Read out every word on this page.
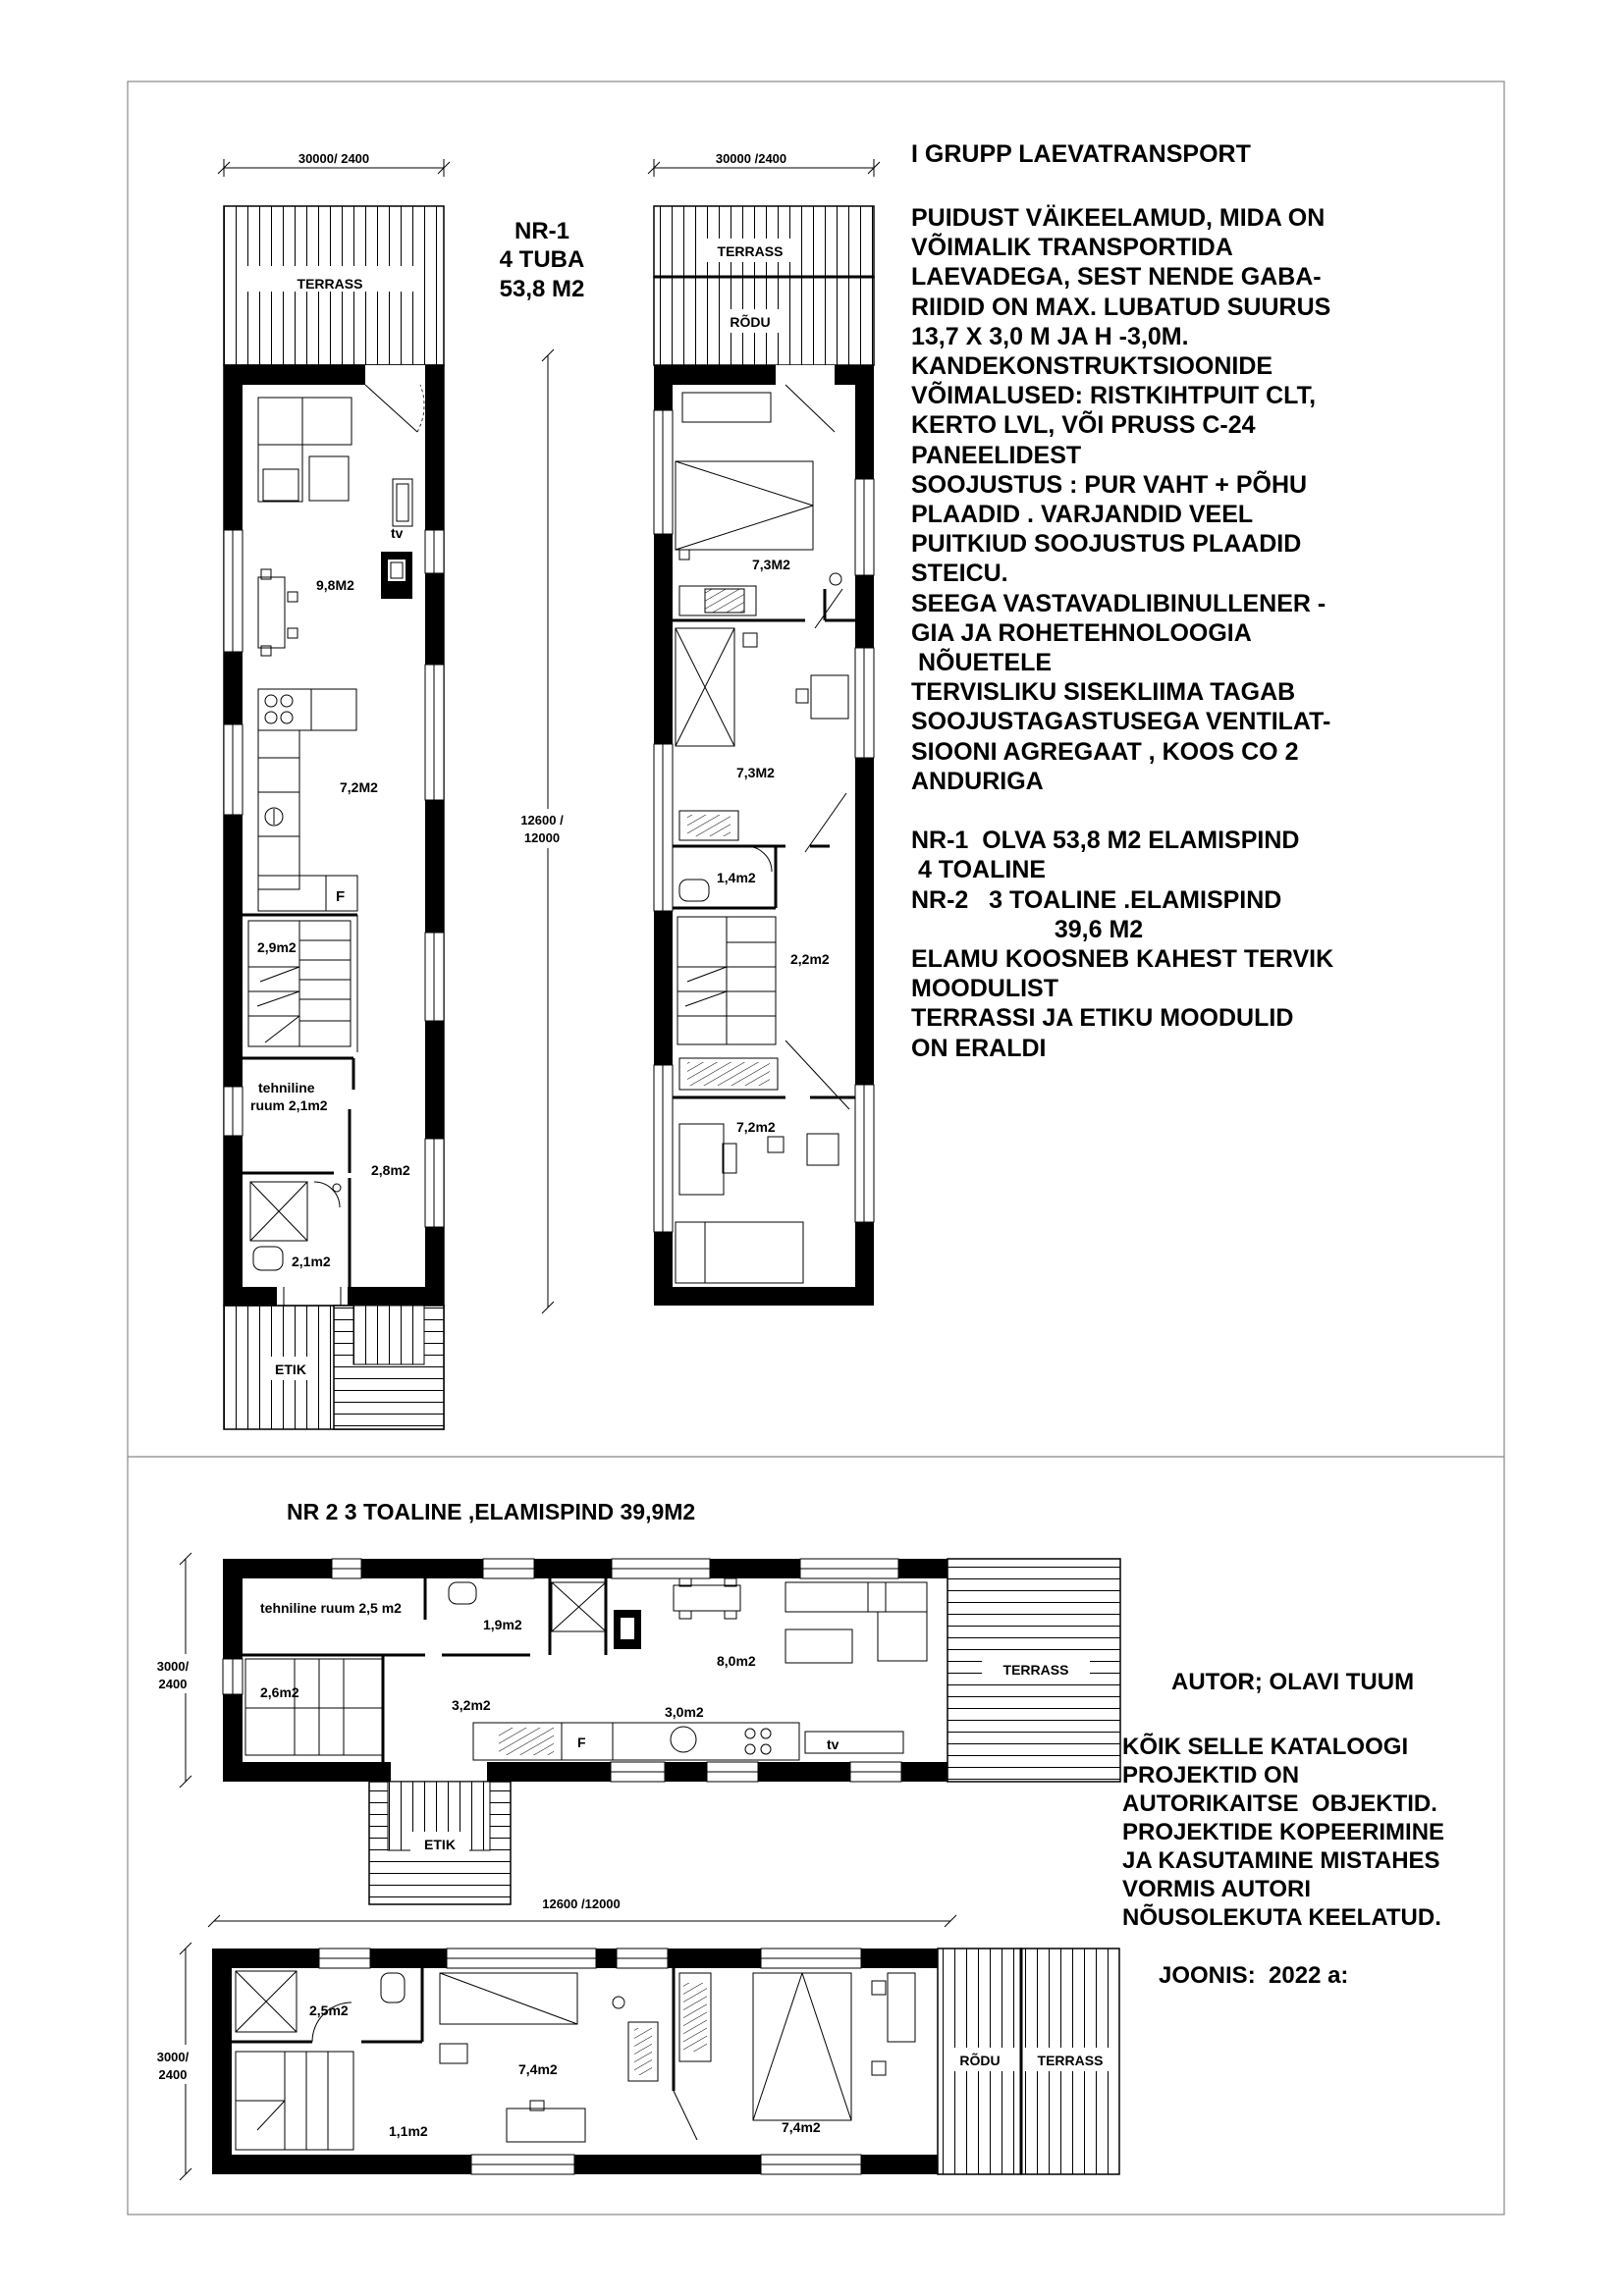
30000/ 2400
TERRASS
tv
9,8M2
7,2M2
F
2,9m2
tehniline
ruum 2,1m2
2,8m2
2,1m2
ETIK
12600 /
12000
30000 /2400
TERRASS
RÕDU
7,3M2
7,3M2
1,4m2
2,2m2
7,2m2
NR-1
4 TUBA
53,8 M2
NR 2 3 TOALINE ,ELAMISPIND 39,9M2
3000/
2400
tehniline ruum 2,5 m2
1,9m2
8,0m2
2,6m2
3,2m2	3,0m2
F	tv
TERRASS
ETIK
12600 /12000
3000/
2400
2,5m2
1,1m2
7,4m2
7,4m2
RÕDU	TERRASS
I GRUPP LAEVATRANSPORT
PUIDUST VÄIKEELAMUD, MIDA ON
VÕIMALIK TRANSPORTIDA
LAEVADEGA, SEST NENDE GABA-
RIIDID ON MAX. LUBATUD SUURUS
13,7 X 3,0 M JA H -3,0M.
KANDEKONSTRUKTSIOONIDE
VÕIMALUSED: RISTKIHTPUIT CLT,
KERTO LVL, VÕI PRUSS C-24
PANEELIDEST
SOOJUSTUS : PUR VAHT + PÕHU
PLAADID . VARJANDID VEEL
PUITKIUD SOOJUSTUS PLAADID
STEICU.
SEEGA VASTAVADLIBINULLENER -
GIA JA ROHETEHNOLOOGIA
NÕUETELE
TERVISLIKU SISEKLIIMA TAGAB
SOOJUSTAGASTUSEGA VENTILAT-
SIOONI AGREGAAT , KOOS CO 2
ANDURIGA

NR-1  OLVA 53,8 M2 ELAMISPIND
4 TOALINE
NR-2   3 TOALINE .ELAMISPIND
39,6 M2
ELAMU KOOSNEB KAHEST TERVIK
MOODULIST
TERRASSI JA ETIKU MOODULID
ON ERALDI
AUTOR; OLAVI TUUM
KÕIK SELLE KATALOOGI
PROJEKTID ON
AUTORIKAITSE  OBJEKTID.
PROJEKTIDE KOPEERIMINE
JA KASUTAMINE MISTAHES
VORMIS AUTORI
NÕUSOLEKUTA KEELATUD.
JOONIS:  2022 a:
